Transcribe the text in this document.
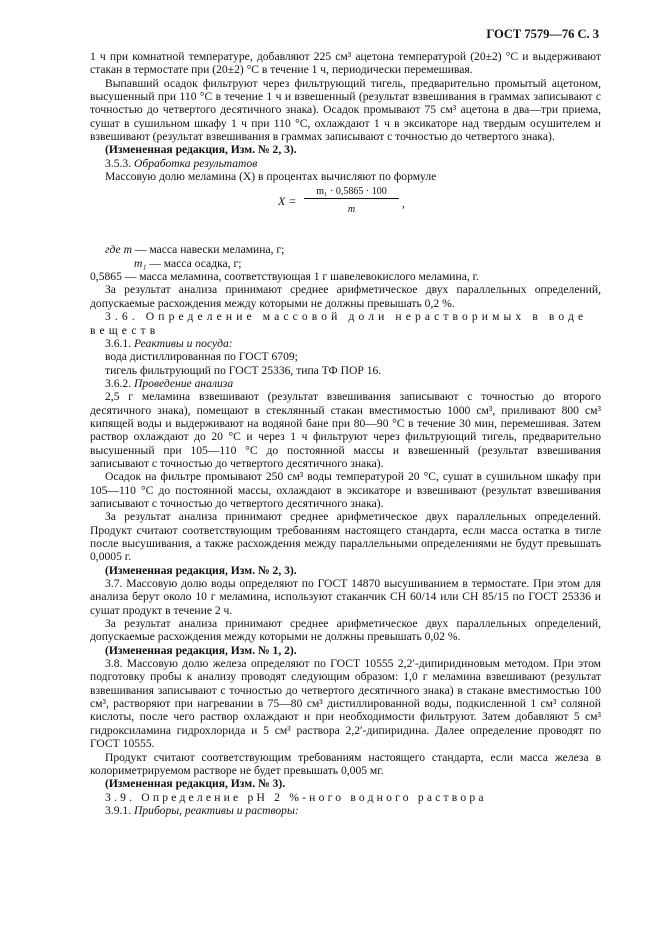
ГОСТ 7579—76 С. 3

1 ч при комнатной температуре, добавляют 225 см³ ацетона температурой (20±2) °С и выдерживают стакан в термостате при (20±2) °С в течение 1 ч, периодически перемешивая.

Выпавший осадок фильтруют через фильтрующий тигель, предварительно промытый ацетоном, высушенный при 110 °С в течение 1 ч и взвешенный (результат взвешивания в граммах записывают с точностью до четвертого десятичного знака). Осадок промывают 75 см³ ацетона в два—три приема, сушат в сушильном шкафу 1 ч при 110 °С, охлаждают 1 ч в эксикаторе над твердым осушителем и взвешивают (результат взвешивания в граммах записывают с точностью до четвертого знака).

(Измененная редакция, Изм. № 2, 3).

3.5.3. Обработка результатов

Массовую долю меламина (X) в процентах вычисляют по формуле

X =
m₁ · 0,5865 · 100
m	,

где m — масса навески меламина, г;

m₁ — масса осадка, г;

0,5865 — масса меламина, соответствующая 1 г шавелевокислого меламина, г.

За результат анализа принимают среднее арифметическое двух параллельных определений, допускаемые расхождения между которыми не должны превышать 0,2 %.

3.6. Определение массовой доли нерастворимых в воде веществ

3.6.1. Реактивы и посуда:

вода дистиллированная по ГОСТ 6709;

тигель фильтрующий по ГОСТ 25336, типа ТФ ПОР 16.

3.6.2. Проведение анализа

2,5 г меламина взвешивают (результат взвешивания записывают с точностью до второго десятичного знака), помещают в стеклянный стакан вместимостью 1000 см³, приливают 800 см³ кипящей воды и выдерживают на водяной бане при 80—90 °С в течение 30 мин, перемешивая. Затем раствор охлаждают до 20 °С и через 1 ч фильтруют через фильтрующий тигель, предварительно высушенный при 105—110 °С до постоянной массы и взвешенный (результат взвешивания записывают с точностью до четвертого десятичного знака).

Осадок на фильтре промывают 250 см³ воды температурой 20 °С, сушат в сушильном шкафу при 105—110 °С до постоянной массы, охлаждают в эксикаторе и взвешивают (результат взвешивания записывают с точностью до четвертого десятичного знака).

За результат анализа принимают среднее арифметическое двух параллельных определений. Продукт считают соответствующим требованиям настоящего стандарта, если масса остатка в тигле после высушивания, а также расхождения между параллельными определениями не будут превышать 0,0005 г.

(Измененная редакция, Изм. № 2, 3).

3.7. Массовую долю воды определяют по ГОСТ 14870 высушиванием в термостате. При этом для анализа берут около 10 г меламина, используют стаканчик СН 60/14 или СН 85/15 по ГОСТ 25336 и сушат продукт в течение 2 ч.

За результат анализа принимают среднее арифметическое двух параллельных определений, допускаемые расхождения между которыми не должны превышать 0,02 %.

(Измененная редакция, Изм. № 1, 2).

3.8. Массовую долю железа определяют по ГОСТ 10555 2,2′-дипиридиновым методом. При этом подготовку пробы к анализу проводят следующим образом: 1,0 г меламина взвешивают (результат взвешивания записывают с точностью до четвертого десятичного знака) в стакане вместимостью 100 см³, растворяют при нагревании в 75—80 см³ дистиллированной воды, подкисленной 1 см³ соляной кислоты, после чего раствор охлаждают и при необходимости фильтруют. Затем добавляют 5 см³ гидроксиламина гидрохлорида и 5 см³ раствора 2,2′-дипиридина. Далее определение проводят по ГОСТ 10555.

Продукт считают соответствующим требованиям настоящего стандарта, если масса железа в колориметрируемом растворе не будет превышать 0,005 мг.

(Измененная редакция, Изм. № 3).

3.9. Определение pH 2 %-ного водного раствора

3.9.1. Приборы, реактивы и растворы:
